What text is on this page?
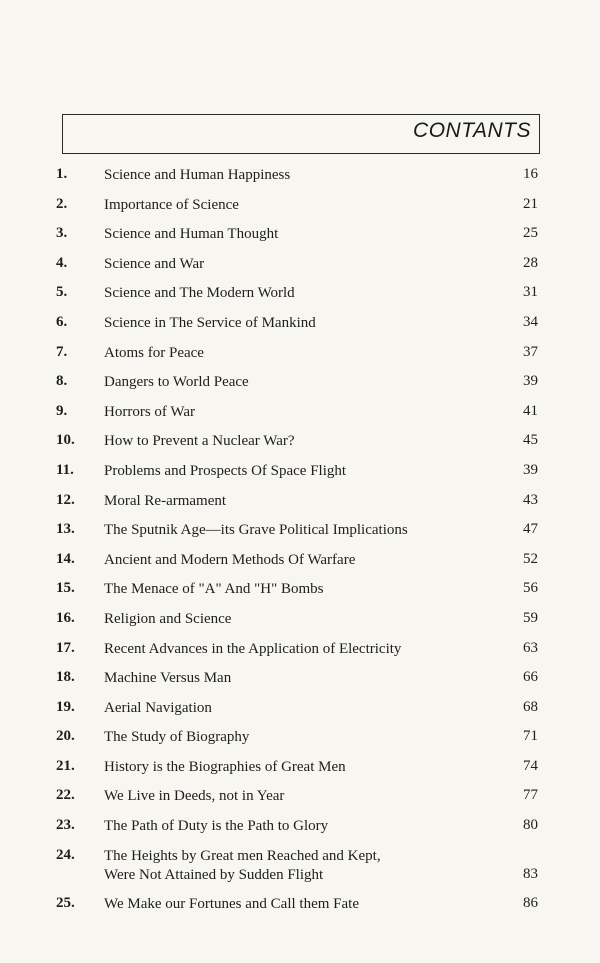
CONTANTS
1.	Science and Human Happiness	16
2.	Importance of Science	21
3.	Science and Human Thought	25
4.	Science and War	28
5.	Science and The Modern World	31
6.	Science in The Service of Mankind	34
7.	Atoms for Peace	37
8.	Dangers to World Peace	39
9.	Horrors of War	41
10.	How to Prevent a Nuclear War?	45
11.	Problems and Prospects Of Space Flight	39
12.	Moral Re-armament	43
13.	The Sputnik Age—its Grave Political Implications	47
14.	Ancient and Modern Methods Of Warfare	52
15.	The Menace of "A" And "H" Bombs	56
16.	Religion and Science	59
17.	Recent Advances in the Application of Electricity	63
18.	Machine Versus Man	66
19.	Aerial Navigation	68
20.	The Study of Biography	71
21.	History is the Biographies of Great Men	74
22.	We Live in Deeds, not in Year	77
23.	The Path of Duty is the Path to Glory	80
24.	The Heights by Great men Reached and Kept,
Were Not Attained by Sudden Flight	83
25.	We Make our Fortunes and Call them Fate	86
